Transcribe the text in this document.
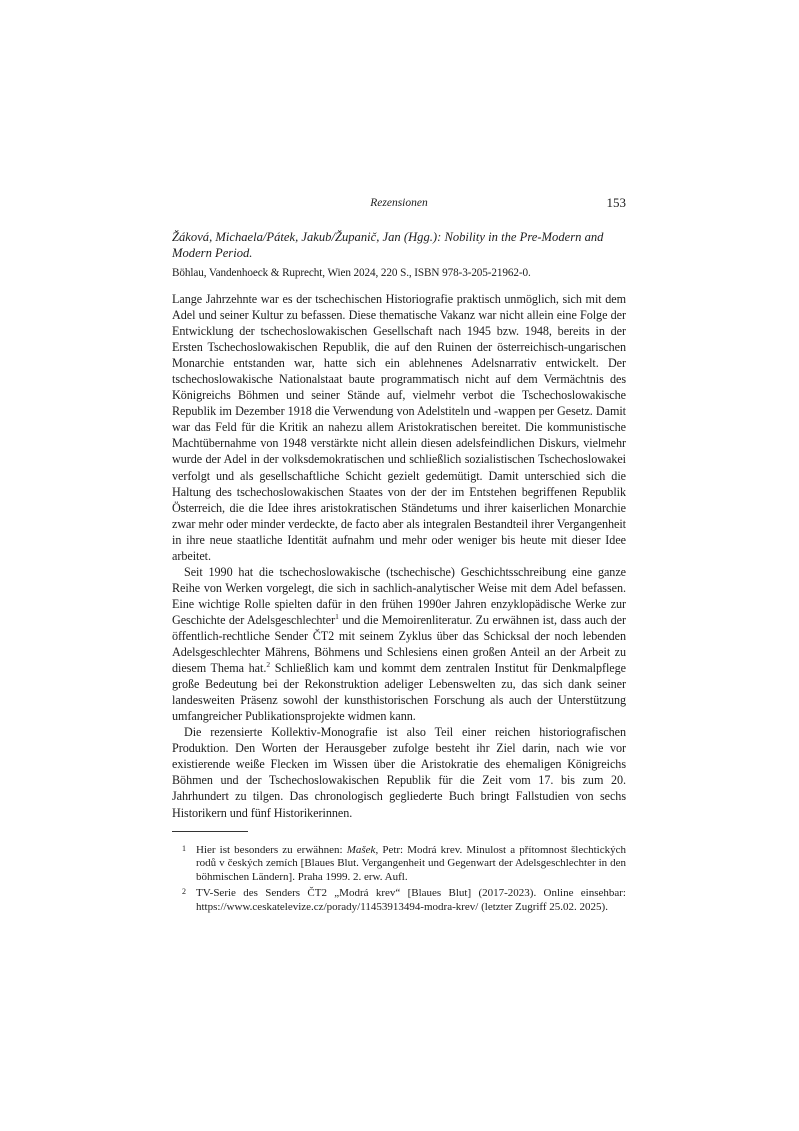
Rezensionen	153
Žáková, Michaela/Pátek, Jakub/Županič, Jan (Hgg.): Nobility in the Pre-Modern and Modern Period.
Böhlau, Vandenhoeck & Ruprecht, Wien 2024, 220 S., ISBN 978-3-205-21962-0.

Lange Jahrzehnte war es der tschechischen Historiografie praktisch unmöglich, sich mit dem Adel und seiner Kultur zu befassen. Diese thematische Vakanz war nicht allein eine Folge der Entwicklung der tschechoslowakischen Gesellschaft nach 1945 bzw. 1948, bereits in der Ersten Tschechoslowakischen Republik, die auf den Ruinen der österreichisch-ungarischen Monarchie entstanden war, hatte sich ein ablehnenes Adelsnarrativ entwickelt. Der tschechoslowakische Nationalstaat baute programmatisch nicht auf dem Vermächtnis des Königreichs Böhmen und seiner Stände auf, vielmehr verbot die Tschechoslowakische Republik im Dezember 1918 die Verwendung von Adelstiteln und -wappen per Gesetz. Damit war das Feld für die Kritik an nahezu allem Aristokratischen bereitet. Die kommunistische Machtübernahme von 1948 verstärkte nicht allein diesen adelsfeindlichen Diskurs, vielmehr wurde der Adel in der volksdemokratischen und schließlich sozialistischen Tschechoslowakei verfolgt und als gesellschaftliche Schicht gezielt gedemütigt. Damit unterschied sich die Haltung des tschechoslowakischen Staates von der der im Entstehen begriffenen Republik Österreich, die die Idee ihres aristokratischen Ständetums und ihrer kaiserlichen Monarchie zwar mehr oder minder verdeckte, de facto aber als integralen Bestandteil ihrer Vergangenheit in ihre neue staatliche Identität aufnahm und mehr oder weniger bis heute mit dieser Idee arbeitet.

Seit 1990 hat die tschechoslowakische (tschechische) Geschichtsschreibung eine ganze Reihe von Werken vorgelegt, die sich in sachlich-analytischer Weise mit dem Adel befassen. Eine wichtige Rolle spielten dafür in den frühen 1990er Jahren enzyklopädische Werke zur Geschichte der Adelsgeschlechter$^1$ und die Memoirenliteratur. Zu erwähnen ist, dass auch der öffentlich-rechtliche Sender ČT2 mit seinem Zyklus über das Schicksal der noch lebenden Adelsgeschlechter Mährens, Böhmens und Schlesiens einen großen Anteil an der Arbeit zu diesem Thema hat.$^2$ Schließlich kam und kommt dem zentralen Institut für Denkmalpflege große Bedeutung bei der Rekonstruktion adeliger Lebenswelten zu, das sich dank seiner landesweiten Präsenz sowohl der kunsthistorischen Forschung als auch der Unterstützung umfangreicher Publikationsprojekte widmen kann.

Die rezensierte Kollektiv-Monografie ist also Teil einer reichen historiografischen Produktion. Den Worten der Herausgeber zufolge besteht ihr Ziel darin, nach wie vor existierende weiße Flecken im Wissen über die Aristokratie des ehemaligen Königreichs Böhmen und der Tschechoslowakischen Republik für die Zeit vom 17. bis zum 20. Jahrhundert zu tilgen. Das chronologisch gegliederte Buch bringt Fallstudien von sechs Historikern und fünf Historikerinnen.

1 Hier ist besonders zu erwähnen: Mašek, Petr: Modrá krev. Minulost a přítomnost šlechtických rodů v českých zemích [Blaues Blut. Vergangenheit und Gegenwart der Adelsgeschlechter in den böhmischen Ländern]. Praha 1999. 2. erw. Aufl.
2 TV-Serie des Senders ČT2 „Modrá krev“ [Blaues Blut] (2017-2023). Online einsehbar: https://www.ceskatelevize.cz/porady/11453913494-modra-krev/ (letzter Zugriff 25.02. 2025).
